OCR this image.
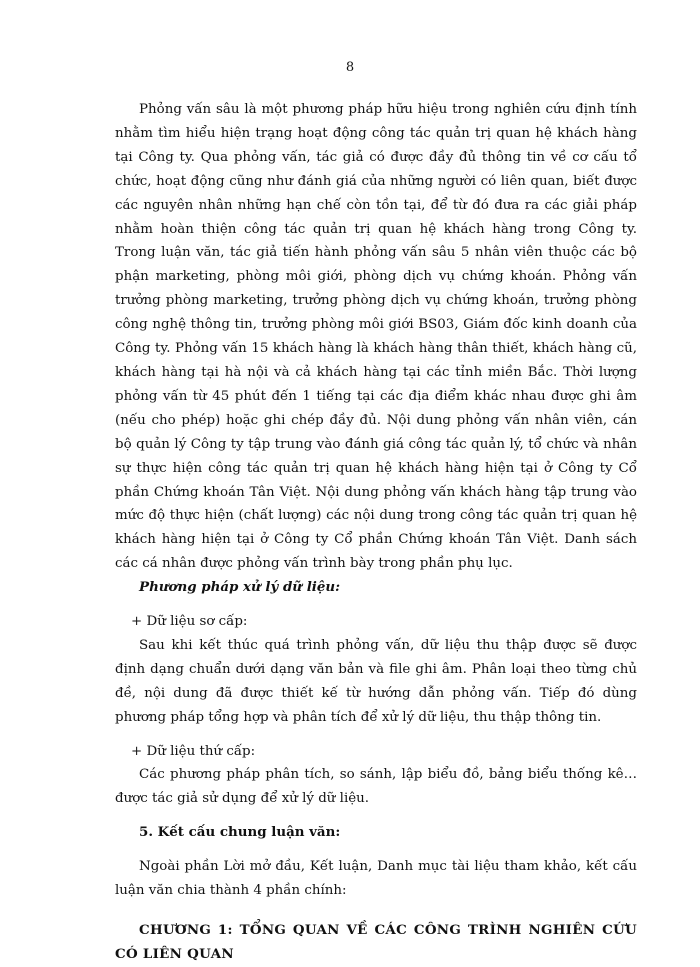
8

Phỏng vấn sâu là một phương pháp hữu hiệu trong nghiên cứu định tính nhằm tìm hiểu hiện trạng hoạt động công tác quản trị quan hệ khách hàng tại Công ty. Qua phỏng vấn, tác giả có được đầy đủ thông tin về cơ cấu tổ chức, hoạt động cũng như đánh giá của những người có liên quan, biết được các nguyên nhân những hạn chế còn tồn tại, để từ đó đưa ra các giải pháp nhằm hoàn thiện công tác quản trị quan hệ khách hàng trong Công ty. Trong luận văn, tác giả tiến hành phỏng vấn sâu 5 nhân viên thuộc các bộ phận marketing, phòng môi giới, phòng dịch vụ chứng khoán. Phỏng vấn trưởng phòng marketing, trưởng phòng dịch vụ chứng khoán, trưởng phòng công nghệ thông tin, trưởng phòng môi giới BS03, Giám đốc kinh doanh của Công ty. Phỏng vấn 15 khách hàng là khách hàng thân thiết, khách hàng cũ, khách hàng tại hà nội và cả khách hàng tại các tỉnh miền Bắc. Thời lượng phỏng vấn từ 45 phút đến 1 tiếng tại các địa điểm khác nhau được ghi âm (nếu cho phép) hoặc ghi chép đầy đủ. Nội dung phỏng vấn nhân viên, cán bộ quản lý Công ty tập trung vào đánh giá công tác quản lý, tổ chức và nhân sự thực hiện công tác quản trị quan hệ khách hàng hiện tại ở Công ty Cổ phần Chứng khoán Tân Việt. Nội dung phỏng vấn khách hàng tập trung vào mức độ thực hiện (chất lượng) các nội dung trong công tác quản trị quan hệ khách hàng hiện tại ở Công ty Cổ phần Chứng khoán Tân Việt. Danh sách các cá nhân được phỏng vấn trình bày trong phần phụ lục.

Phương pháp xử lý dữ liệu:

+ Dữ liệu sơ cấp:

Sau khi kết thúc quá trình phỏng vấn, dữ liệu thu thập được sẽ được định dạng chuẩn dưới dạng văn bản và file ghi âm. Phân loại theo từng chủ đề, nội dung đã được thiết kế từ hướng dẫn phỏng vấn. Tiếp đó dùng phương pháp tổng hợp và phân tích để xử lý dữ liệu, thu thập thông tin.

+ Dữ liệu thứ cấp:

Các phương pháp phân tích, so sánh, lập biểu đồ, bảng biểu thống kê…được tác giả sử dụng để xử lý dữ liệu.

5. Kết cấu chung luận văn:

Ngoài phần Lời mở đầu, Kết luận, Danh mục tài liệu tham khảo, kết cấu luận văn chia thành 4 phần chính:

CHƯƠNG 1: TỔNG QUAN VỀ CÁC CÔNG TRÌNH NGHIÊN CỨU CÓ LIÊN QUAN
